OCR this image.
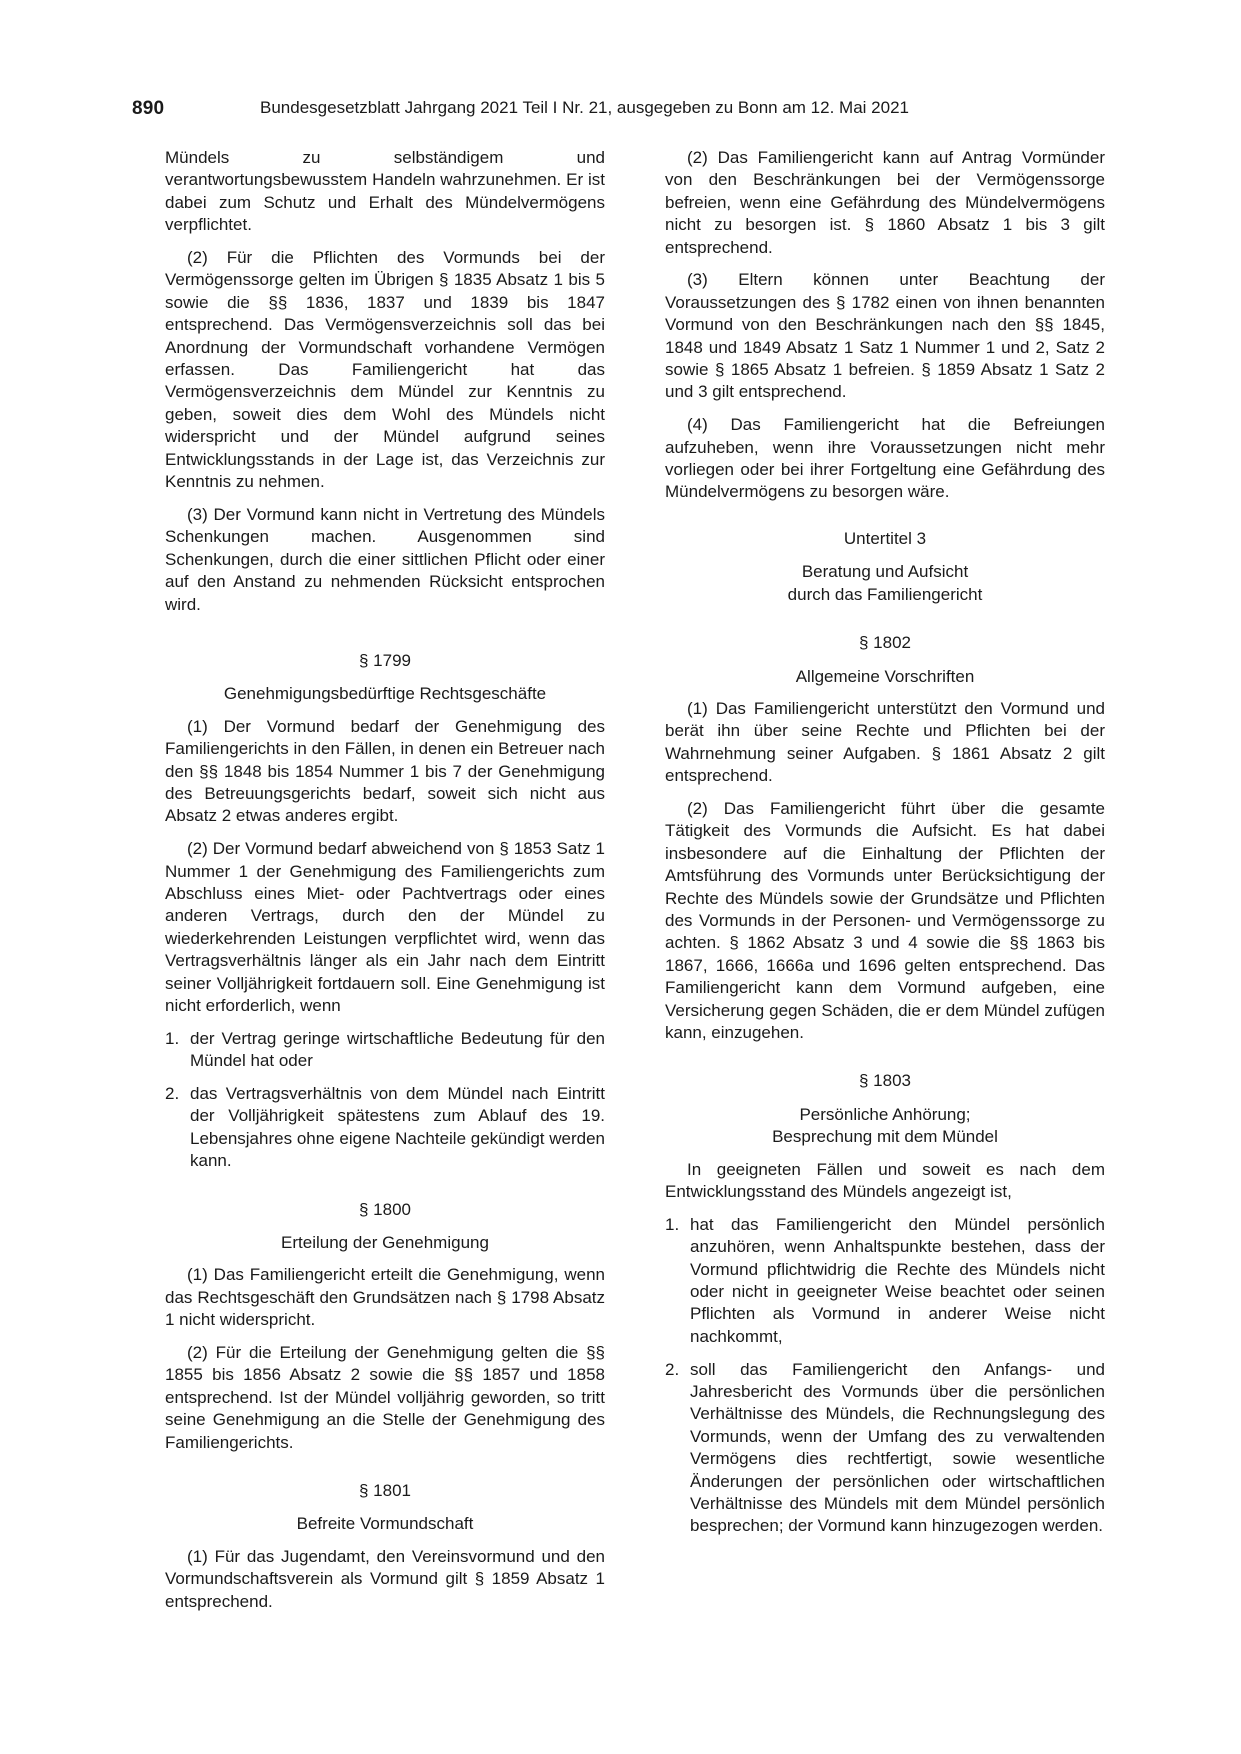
890	Bundesgesetzblatt Jahrgang 2021 Teil I Nr. 21, ausgegeben zu Bonn am 12. Mai 2021

Mündels zu selbständigem und verantwortungsbewusstem Handeln wahrzunehmen. Er ist dabei zum Schutz und Erhalt des Mündelvermögens verpflichtet.

(2) Für die Pflichten des Vormunds bei der Vermögenssorge gelten im Übrigen § 1835 Absatz 1 bis 5 sowie die §§ 1836, 1837 und 1839 bis 1847 entsprechend. Das Vermögensverzeichnis soll das bei Anordnung der Vormundschaft vorhandene Vermögen erfassen. Das Familiengericht hat das Vermögensverzeichnis dem Mündel zur Kenntnis zu geben, soweit dies dem Wohl des Mündels nicht widerspricht und der Mündel aufgrund seines Entwicklungsstands in der Lage ist, das Verzeichnis zur Kenntnis zu nehmen.

(3) Der Vormund kann nicht in Vertretung des Mündels Schenkungen machen. Ausgenommen sind Schenkungen, durch die einer sittlichen Pflicht oder einer auf den Anstand zu nehmenden Rücksicht entsprochen wird.

§ 1799
Genehmigungsbedürftige Rechtsgeschäfte

(1) Der Vormund bedarf der Genehmigung des Familiengerichts in den Fällen, in denen ein Betreuer nach den §§ 1848 bis 1854 Nummer 1 bis 7 der Genehmigung des Betreuungsgerichts bedarf, soweit sich nicht aus Absatz 2 etwas anderes ergibt.

(2) Der Vormund bedarf abweichend von § 1853 Satz 1 Nummer 1 der Genehmigung des Familiengerichts zum Abschluss eines Miet- oder Pachtvertrags oder eines anderen Vertrags, durch den der Mündel zu wiederkehrenden Leistungen verpflichtet wird, wenn das Vertragsverhältnis länger als ein Jahr nach dem Eintritt seiner Volljährigkeit fortdauern soll. Eine Genehmigung ist nicht erforderlich, wenn

1. der Vertrag geringe wirtschaftliche Bedeutung für den Mündel hat oder
2. das Vertragsverhältnis von dem Mündel nach Eintritt der Volljährigkeit spätestens zum Ablauf des 19. Lebensjahres ohne eigene Nachteile gekündigt werden kann.
§ 1800
Erteilung der Genehmigung

(1) Das Familiengericht erteilt die Genehmigung, wenn das Rechtsgeschäft den Grundsätzen nach § 1798 Absatz 1 nicht widerspricht.

(2) Für die Erteilung der Genehmigung gelten die §§ 1855 bis 1856 Absatz 2 sowie die §§ 1857 und 1858 entsprechend. Ist der Mündel volljährig geworden, so tritt seine Genehmigung an die Stelle der Genehmigung des Familiengerichts.

§ 1801
Befreite Vormundschaft

(1) Für das Jugendamt, den Vereinsvormund und den Vormundschaftsverein als Vormund gilt § 1859 Absatz 1 entsprechend.

(2) Das Familiengericht kann auf Antrag Vormünder von den Beschränkungen bei der Vermögenssorge befreien, wenn eine Gefährdung des Mündelvermögens nicht zu besorgen ist. § 1860 Absatz 1 bis 3 gilt entsprechend.

(3) Eltern können unter Beachtung der Voraussetzungen des § 1782 einen von ihnen benannten Vormund von den Beschränkungen nach den §§ 1845, 1848 und 1849 Absatz 1 Satz 1 Nummer 1 und 2, Satz 2 sowie § 1865 Absatz 1 befreien. § 1859 Absatz 1 Satz 2 und 3 gilt entsprechend.

(4) Das Familiengericht hat die Befreiungen aufzuheben, wenn ihre Voraussetzungen nicht mehr vorliegen oder bei ihrer Fortgeltung eine Gefährdung des Mündelvermögens zu besorgen wäre.

Untertitel 3
Beratung und Aufsicht
durch das Familiengericht
§ 1802
Allgemeine Vorschriften

(1) Das Familiengericht unterstützt den Vormund und berät ihn über seine Rechte und Pflichten bei der Wahrnehmung seiner Aufgaben. § 1861 Absatz 2 gilt entsprechend.

(2) Das Familiengericht führt über die gesamte Tätigkeit des Vormunds die Aufsicht. Es hat dabei insbesondere auf die Einhaltung der Pflichten der Amtsführung des Vormunds unter Berücksichtigung der Rechte des Mündels sowie der Grundsätze und Pflichten des Vormunds in der Personen- und Vermögenssorge zu achten. § 1862 Absatz 3 und 4 sowie die §§ 1863 bis 1867, 1666, 1666a und 1696 gelten entsprechend. Das Familiengericht kann dem Vormund aufgeben, eine Versicherung gegen Schäden, die er dem Mündel zufügen kann, einzugehen.

§ 1803
Persönliche Anhörung;
Besprechung mit dem Mündel

In geeigneten Fällen und soweit es nach dem Entwicklungsstand des Mündels angezeigt ist,

1. hat das Familiengericht den Mündel persönlich anzuhören, wenn Anhaltspunkte bestehen, dass der Vormund pflichtwidrig die Rechte des Mündels nicht oder nicht in geeigneter Weise beachtet oder seinen Pflichten als Vormund in anderer Weise nicht nachkommt,
2. soll das Familiengericht den Anfangs- und Jahresbericht des Vormunds über die persönlichen Verhältnisse des Mündels, die Rechnungslegung des Vormunds, wenn der Umfang des zu verwaltenden Vermögens dies rechtfertigt, sowie wesentliche Änderungen der persönlichen oder wirtschaftlichen Verhältnisse des Mündels mit dem Mündel persönlich besprechen; der Vormund kann hinzugezogen werden.
